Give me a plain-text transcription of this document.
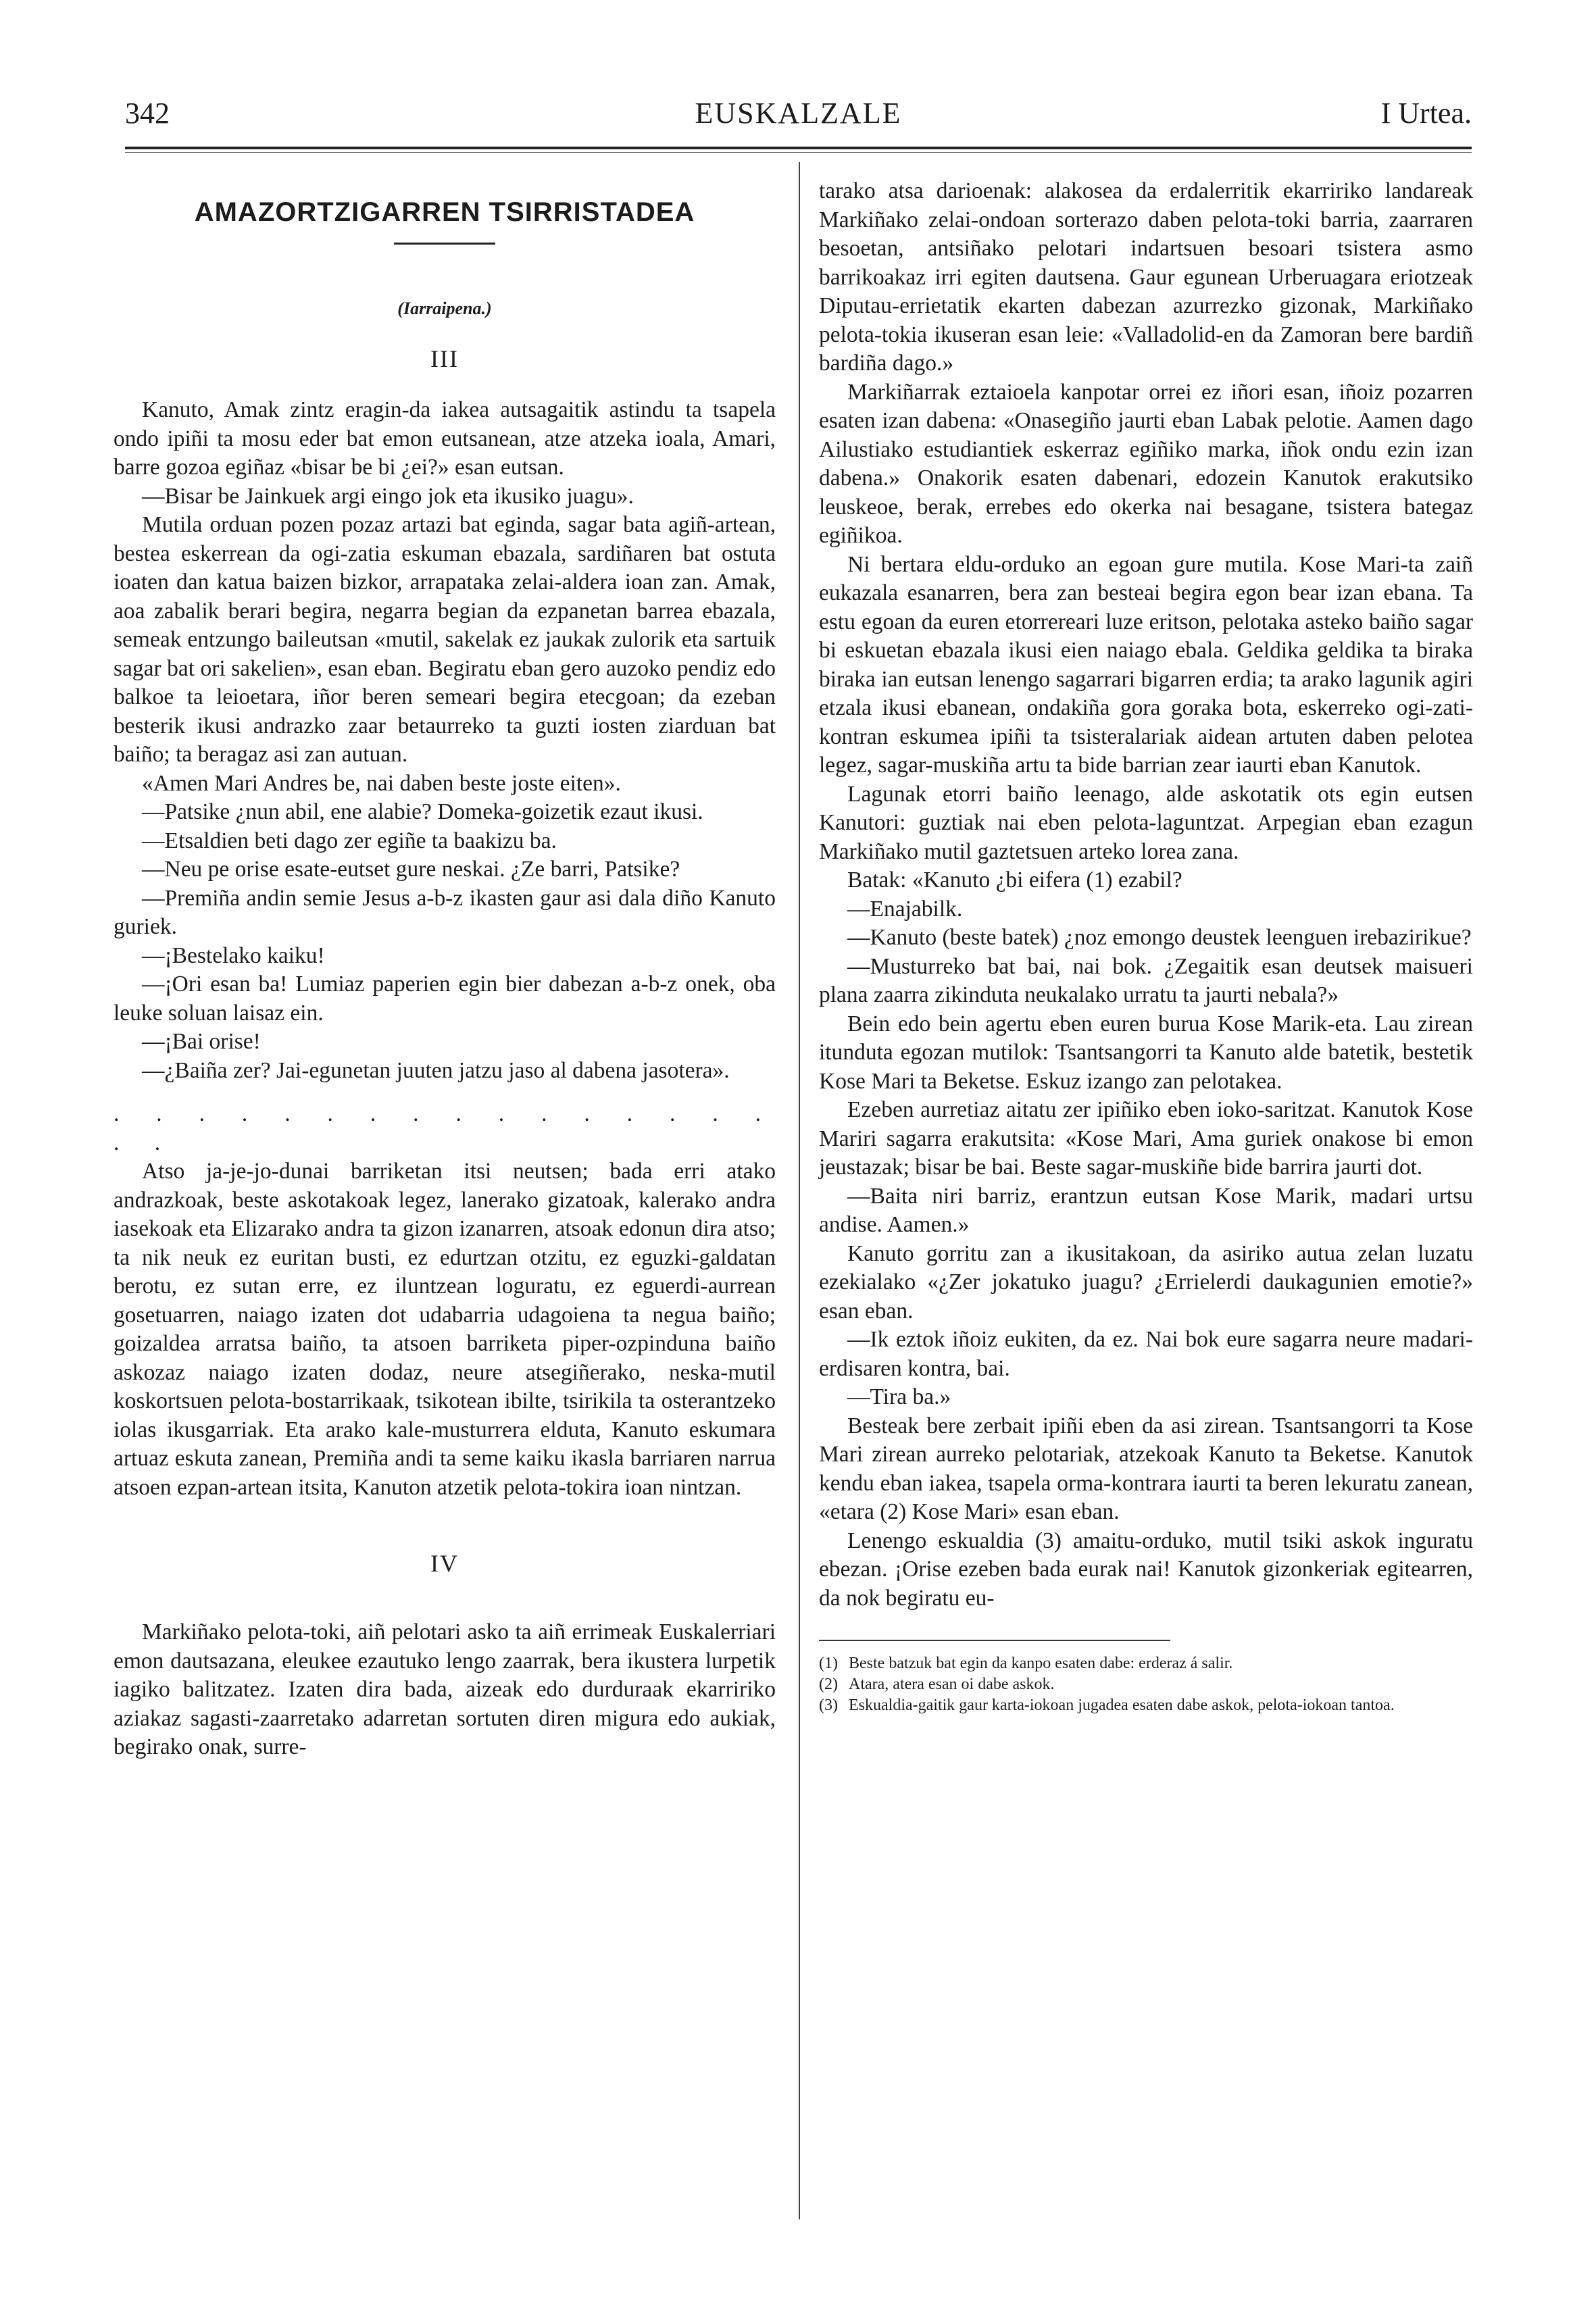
342	EUSKALZALE	I Urtea.
AMAZORTZIGARREN TSIRRISTADEA
(Iarraipena.)
III

Kanuto, Amak zintz eragin-da iakea autsagaitik astindu ta tsapela ondo ipiñi ta mosu eder bat emon eutsanean, atze atzeka ioala, Amari, barre gozoa egiñaz «bisar be bi ¿ei?» esan eutsan.

—Bisar be Jainkuek argi eingo jok eta ikusiko juagu».

Mutila orduan pozen pozaz artazi bat eginda, sagar bata agiñ-artean, bestea eskerrean da ogi-zatia eskuman ebazala, sardiñaren bat ostuta ioaten dan katua baizen bizkor, arrapataka zelai-aldera ioan zan. Amak, aoa zabalik berari begira, negarra begian da ezpanetan barrea ebazala, semeak entzungo baileutsan «mutil, sakelak ez jaukak zulorik eta sartuik sagar bat ori sakelien», esan eban. Begiratu eban gero auzoko pendiz edo balkoe ta leioetara, iñor beren semeari begira etecgoan; da ezeban besterik ikusi andrazko zaar betaurreko ta guzti iosten ziarduan bat baiño; ta beragaz asi zan autuan.

«Amen Mari Andres be, nai daben beste joste eiten».

—Patsike ¿nun abil, ene alabie? Domeka-goizetik ezaut ikusi.

—Etsaldien beti dago zer egiñe ta baakizu ba.

—Neu pe orise esate-eutset gure neskai. ¿Ze barri, Patsike?

—Premiña andin semie Jesus a-b-z ikasten gaur asi dala diño Kanuto guriek.

—¡Bestelako kaiku!

—¡Ori esan ba! Lumiaz paperien egin bier dabezan a-b-z onek, oba leuke soluan laisaz ein.

—¡Bai orise!

—¿Baiña zer? Jai-egunetan juuten jatzu jaso al dabena jasotera».

. . . . . . . . . . . . . . . . . .

Atso ja-je-jo-dunai barriketan itsi neutsen; bada erri atako andrazkoak, beste askotakoak legez, lanerako gizatoak, kalerako andra iasekoak eta Elizarako andra ta gizon izanarren, atsoak edonun dira atso; ta nik neuk ez euritan busti, ez edurtzan otzitu, ez eguzki-galdatan berotu, ez sutan erre, ez iluntzean loguratu, ez eguerdi-aurrean gosetuarren, naiago izaten dot udabarria udagoiena ta negua baiño; goizaldea arratsa baiño, ta atsoen barriketa piper-ozpinduna baiño askozaz naiago izaten dodaz, neure atsegiñerako, neska-mutil koskortsuen pelota-bostarrikaak, tsikotean ibilte, tsirikila ta osterantzeko iolas ikusgarriak. Eta arako kale-musturrera elduta, Kanuto eskumara artuaz eskuta zanean, Premiña andi ta seme kaiku ikasla barriaren narrua atsoen ezpan-artean itsita, Kanuton atzetik pelota-tokira ioan nintzan.

IV

Markiñako pelota-toki, aiñ pelotari asko ta aiñ errimeak Euskalerriari emon dautsazana, eleukee ezautuko lengo zaarrak, bera ikustera lurpetik iagiko balitzatez. Izaten dira bada, aizeak edo durduraak ekarririko aziakaz sagasti-zaarretako adarretan sortuten diren migura edo aukiak, begirako onak, surre-

tarako atsa darioenak: alakosea da erdalerritik ekarririko landareak Markiñako zelai-ondoan sorterazo daben pelota-toki barria, zaarraren besoetan, antsiñako pelotari indartsuen besoari tsistera asmo barrikoakaz irri egiten dautsena. Gaur egunean Urberuagara eriotzeak Diputau-errietatik ekarten dabezan azurrezko gizonak, Markiñako pelota-tokia ikuseran esan leie: «Valladolid-en da Zamoran bere bardiñ bardiña dago.»

Markiñarrak eztaioela kanpotar orrei ez iñori esan, iñoiz pozarren esaten izan dabena: «Onasegiño jaurti eban Labak pelotie. Aamen dago Ailustiako estudiantiek eskerraz egiñiko marka, iñok ondu ezin izan dabena.» Onakorik esaten dabenari, edozein Kanutok erakutsiko leuskeoe, berak, errebes edo okerka nai besagane, tsistera bategaz egiñikoa.

Ni bertara eldu-orduko an egoan gure mutila. Kose Mari-ta zaiñ eukazala esanarren, bera zan besteai begira egon bear izan ebana. Ta estu egoan da euren etorrereari luze eritson, pelotaka asteko baiño sagar bi eskuetan ebazala ikusi eien naiago ebala. Geldika geldika ta biraka biraka ian eutsan lenengo sagarrari bigarren erdia; ta arako lagunik agiri etzala ikusi ebanean, ondakiña gora goraka bota, eskerreko ogi-zati-kontran eskumea ipiñi ta tsisteralariak aidean artuten daben pelotea legez, sagar-muskiña artu ta bide barrian zear iaurti eban Kanutok.

Lagunak etorri baiño leenago, alde askotatik ots egin eutsen Kanutori: guztiak nai eben pelota-laguntzat. Arpegian eban ezagun Markiñako mutil gaztetsuen arteko lorea zana.

Batak: «Kanuto ¿bi eifera (1) ezabil?

—Enajabilk.

—Kanuto (beste batek) ¿noz emongo deustek leenguen irebazirikue?

—Musturreko bat bai, nai bok. ¿Zegaitik esan deutsek maisueri plana zaarra zikinduta neukalako urratu ta jaurti nebala?»

Bein edo bein agertu eben euren burua Kose Marik-eta. Lau zirean itunduta egozan mutilok: Tsantsangorri ta Kanuto alde batetik, bestetik Kose Mari ta Beketse. Eskuz izango zan pelotakea.

Ezeben aurretiaz aitatu zer ipiñiko eben ioko-saritzat. Kanutok Kose Mariri sagarra erakutsita: «Kose Mari, Ama guriek onakose bi emon jeustazak; bisar be bai. Beste sagar-muskiñe bide barrira jaurti dot.

—Baita niri barriz, erantzun eutsan Kose Marik, madari urtsu andise. Aamen.»

Kanuto gorritu zan a ikusitakoan, da asiriko autua zelan luzatu ezekialako «¿Zer jokatuko juagu? ¿Errielerdi daukagunien emotie?» esan eban.

—Ik eztok iñoiz eukiten, da ez. Nai bok eure sagarra neure madari-erdisaren kontra, bai.

—Tira ba.»

Besteak bere zerbait ipiñi eben da asi zirean. Tsantsangorri ta Kose Mari zirean aurreko pelotariak, atzekoak Kanuto ta Beketse. Kanutok kendu eban iakea, tsapela orma-kontrara iaurti ta beren lekuratu zanean, «etara (2) Kose Mari» esan eban.

Lenengo eskualdia (3) amaitu-orduko, mutil tsiki askok inguratu ebezan. ¡Orise ezeben bada eurak nai! Kanutok gizonkeriak egitearren, da nok begiratu eu-

(1) Beste batzuk bat egin da kanpo esaten dabe: erderaz á salir.
(2) Atara, atera esan oi dabe askok.
(3) Eskualdia-gaitik gaur karta-iokoan jugadea esaten dabe askok, pelota-iokoan tantoa.
